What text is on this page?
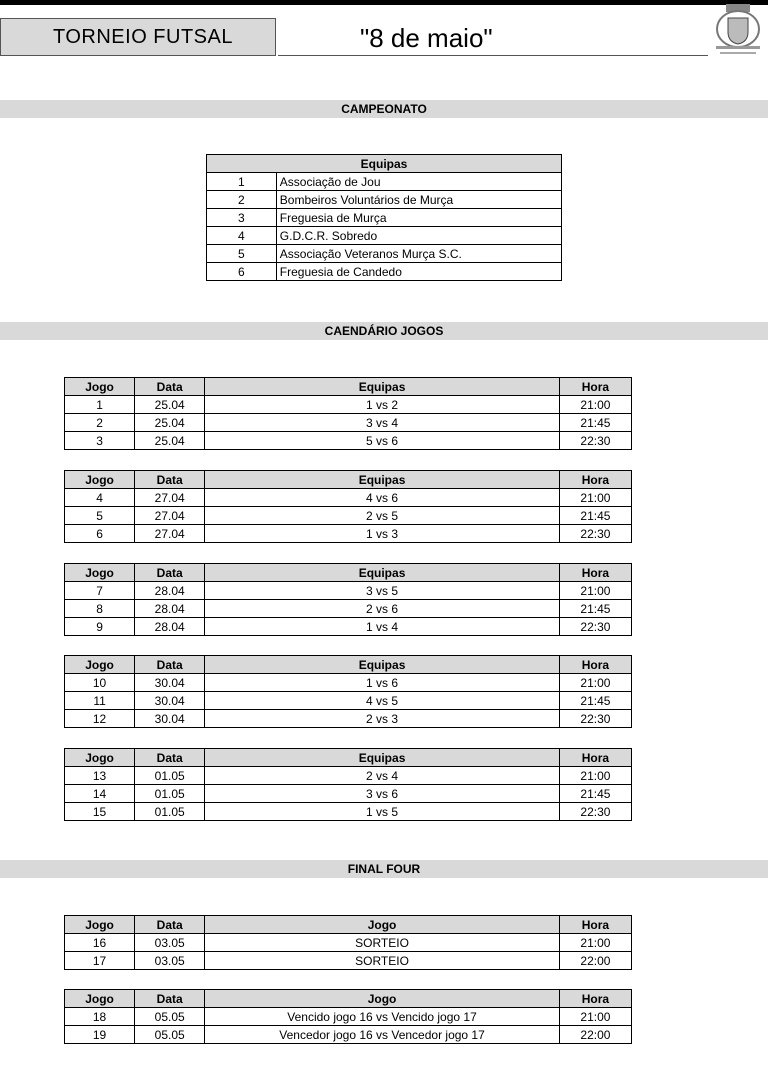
TORNEIO FUTSAL	"8 de maio"
CAMPEONATO
Equipas	
1	Associação de Jou
2	Bombeiros Voluntários de Murça
3	Freguesia de Murça
4	G.D.C.R. Sobredo
5	Associação Veteranos Murça S.C.
6	Freguesia de Candedo
CAENDÁRIO JOGOS
Jogo	Data	Equipas	Hora
1	25.04	1 vs 2	21:00
2	25.04	3 vs 4	21:45
3	25.04	5 vs 6	22:30
Jogo	Data	Equipas	Hora
4	27.04	4 vs 6	21:00
5	27.04	2 vs 5	21:45
6	27.04	1 vs 3	22:30
Jogo	Data	Equipas	Hora
7	28.04	3 vs 5	21:00
8	28.04	2 vs 6	21:45
9	28.04	1 vs 4	22:30
Jogo	Data	Equipas	Hora
10	30.04	1 vs 6	21:00
11	30.04	4 vs 5	21:45
12	30.04	2 vs 3	22:30
Jogo	Data	Equipas	Hora
13	01.05	2 vs 4	21:00
14	01.05	3 vs 6	21:45
15	01.05	1 vs 5	22:30
FINAL FOUR
Jogo	Data	Jogo	Hora
16	03.05	SORTEIO	21:00
17	03.05	SORTEIO	22:00
Jogo	Data	Jogo	Hora
18	05.05	Vencido jogo 16 vs Vencido jogo 17	21:00
19	05.05	Vencedor jogo 16 vs Vencedor jogo 17	22:00
